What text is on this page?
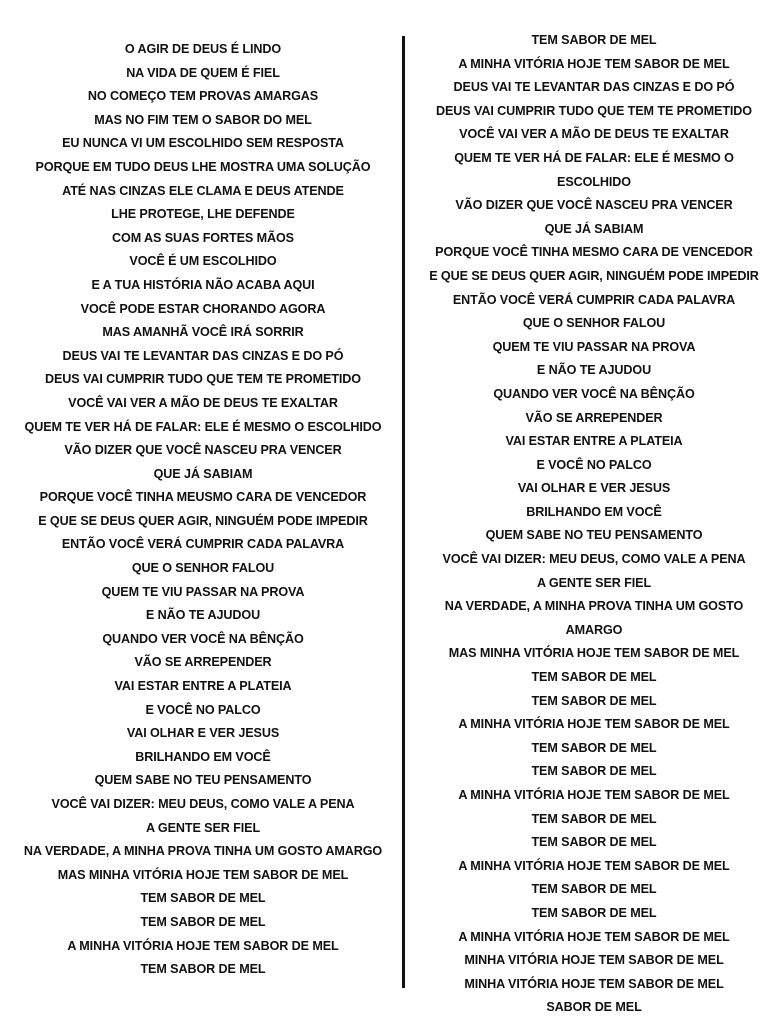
O AGIR DE DEUS É LINDO
NA VIDA DE QUEM É FIEL
NO COMEÇO TEM PROVAS AMARGAS
MAS NO FIM TEM O SABOR DO MEL
EU NUNCA VI UM ESCOLHIDO SEM RESPOSTA
PORQUE EM TUDO DEUS LHE MOSTRA UMA SOLUÇÃO
ATÉ NAS CINZAS ELE CLAMA E DEUS ATENDE
LHE PROTEGE, LHE DEFENDE
COM AS SUAS FORTES MÃOS
VOCÊ É UM ESCOLHIDO
E A TUA HISTÓRIA NÃO ACABA AQUI
VOCÊ PODE ESTAR CHORANDO AGORA
MAS AMANHÃ VOCÊ IRÁ SORRIR
DEUS VAI TE LEVANTAR DAS CINZAS E DO PÓ
DEUS VAI CUMPRIR TUDO QUE TEM TE PROMETIDO
VOCÊ VAI VER A MÃO DE DEUS TE EXALTAR
QUEM TE VER HÁ DE FALAR: ELE É MESMO O ESCOLHIDO
VÃO DIZER QUE VOCÊ NASCEU PRA VENCER
QUE JÁ SABIAM
PORQUE VOCÊ TINHA MEUSMO CARA DE VENCEDOR
E QUE SE DEUS QUER AGIR, NINGUÉM PODE IMPEDIR
ENTÃO VOCÊ VERÁ CUMPRIR CADA PALAVRA
QUE O SENHOR FALOU
QUEM TE VIU PASSAR NA PROVA
E NÃO TE AJUDOU
QUANDO VER VOCÊ NA BÊNÇÃO
VÃO SE ARREPENDER
VAI ESTAR ENTRE A PLATEIA
E VOCÊ NO PALCO
VAI OLHAR E VER JESUS
BRILHANDO EM VOCÊ
QUEM SABE NO TEU PENSAMENTO
VOCÊ VAI DIZER: MEU DEUS, COMO VALE A PENA
A GENTE SER FIEL
NA VERDADE, A MINHA PROVA TINHA UM GOSTO AMARGO
MAS MINHA VITÓRIA HOJE TEM SABOR DE MEL
TEM SABOR DE MEL
TEM SABOR DE MEL
A MINHA VITÓRIA HOJE TEM SABOR DE MEL
TEM SABOR DE MEL
TEM SABOR DE MEL
A MINHA VITÓRIA HOJE TEM SABOR DE MEL
DEUS VAI TE LEVANTAR DAS CINZAS E DO PÓ
DEUS VAI CUMPRIR TUDO QUE TEM TE PROMETIDO
VOCÊ VAI VER A MÃO DE DEUS TE EXALTAR
QUEM TE VER HÁ DE FALAR: ELE É MESMO O
ESCOLHIDO
VÃO DIZER QUE VOCÊ NASCEU PRA VENCER
QUE JÁ SABIAM
PORQUE VOCÊ TINHA MESMO CARA DE VENCEDOR
E QUE SE DEUS QUER AGIR, NINGUÉM PODE IMPEDIR
ENTÃO VOCÊ VERÁ CUMPRIR CADA PALAVRA
QUE O SENHOR FALOU
QUEM TE VIU PASSAR NA PROVA
E NÃO TE AJUDOU
QUANDO VER VOCÊ NA BÊNÇÃO
VÃO SE ARREPENDER
VAI ESTAR ENTRE A PLATEIA
E VOCÊ NO PALCO
VAI OLHAR E VER JESUS
BRILHANDO EM VOCÊ
QUEM SABE NO TEU PENSAMENTO
VOCÊ VAI DIZER: MEU DEUS, COMO VALE A PENA
A GENTE SER FIEL
NA VERDADE, A MINHA PROVA TINHA UM GOSTO
AMARGO
MAS MINHA VITÓRIA HOJE TEM SABOR DE MEL
TEM SABOR DE MEL
TEM SABOR DE MEL
A MINHA VITÓRIA HOJE TEM SABOR DE MEL
TEM SABOR DE MEL
TEM SABOR DE MEL
A MINHA VITÓRIA HOJE TEM SABOR DE MEL
TEM SABOR DE MEL
TEM SABOR DE MEL
A MINHA VITÓRIA HOJE TEM SABOR DE MEL
TEM SABOR DE MEL
TEM SABOR DE MEL
A MINHA VITÓRIA HOJE TEM SABOR DE MEL
MINHA VITÓRIA HOJE TEM SABOR DE MEL
MINHA VITÓRIA HOJE TEM SABOR DE MEL
SABOR DE MEL
